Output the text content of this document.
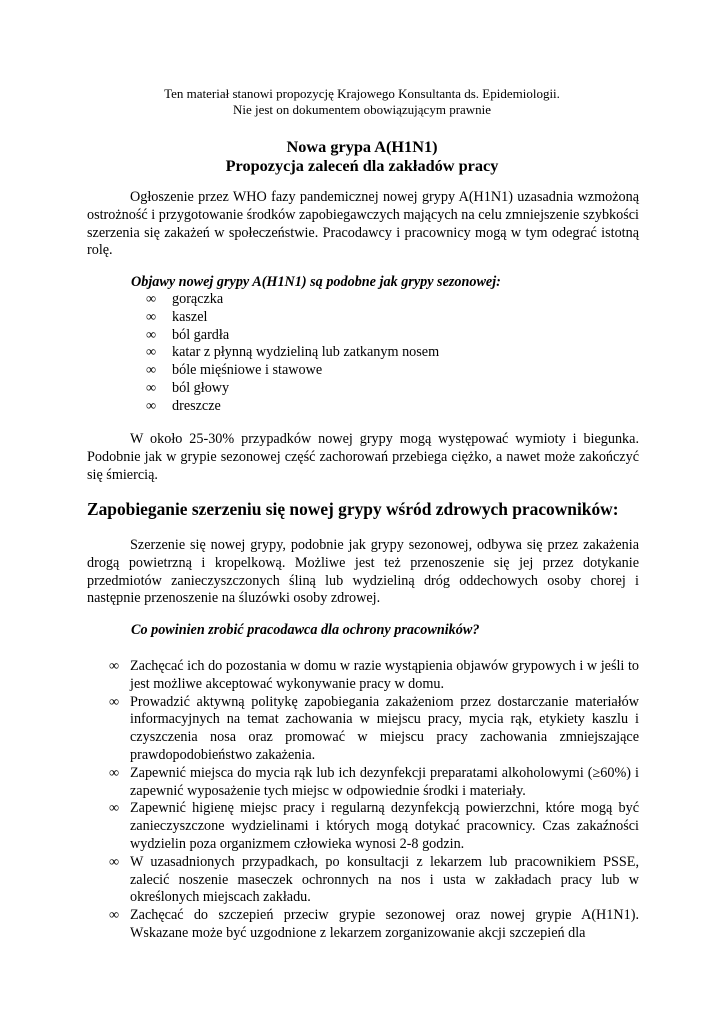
Ten materiał stanowi propozycję Krajowego Konsultanta ds. Epidemiologii.
Nie jest on dokumentem obowiązującym prawnie
Nowa grypa A(H1N1)
Propozycja zaleceń dla zakładów pracy

Ogłoszenie przez WHO fazy pandemicznej nowej grypy A(H1N1) uzasadnia wzmożoną ostrożność i przygotowanie środków zapobiegawczych mających na celu zmniejszenie szybkości szerzenia się zakażeń w społeczeństwie. Pracodawcy i pracownicy mogą w tym odegrać istotną rolę.

Objawy nowej grypy A(H1N1) są podobne jak grypy sezonowej:
∞ gorączka
∞ kaszel
∞ ból gardła
∞ katar z płynną wydzieliną lub zatkanym nosem
∞ bóle mięśniowe i stawowe
∞ ból głowy
∞ dreszcze

W około 25-30% przypadków nowej grypy mogą występować wymioty i biegunka. Podobnie jak w grypie sezonowej część zachorowań przebiega ciężko, a nawet może zakończyć się śmiercią.

Zapobieganie szerzeniu się nowej grypy wśród zdrowych pracowników:

Szerzenie się nowej grypy, podobnie jak grypy sezonowej, odbywa się przez zakażenia drogą powietrzną i kropelkową. Możliwe jest też przenoszenie się jej przez dotykanie przedmiotów zanieczyszczonych śliną lub wydzieliną dróg oddechowych osoby chorej i następnie przenoszenie na śluzówki osoby zdrowej.

Co powinien zrobić pracodawca dla ochrony pracowników?
∞ Zachęcać ich do pozostania w domu w razie wystąpienia objawów grypowych i w jeśli to jest możliwe akceptować wykonywanie pracy w domu.
∞ Prowadzić aktywną politykę zapobiegania zakażeniom przez dostarczanie materiałów informacyjnych na temat zachowania w miejscu pracy, mycia rąk, etykiety kaszlu i czyszczenia nosa oraz promować w miejscu pracy zachowania zmniejszające prawdopodobieństwo zakażenia.
∞ Zapewnić miejsca do mycia rąk lub ich dezynfekcji preparatami alkoholowymi (≥60%) i zapewnić wyposażenie tych miejsc w odpowiednie środki i materiały.
∞ Zapewnić higienę miejsc pracy i regularną dezynfekcją powierzchni, które mogą być zanieczyszczone wydzielinami i których mogą dotykać pracownicy. Czas zakaźności wydzielin poza organizmem człowieka wynosi 2-8 godzin.
∞ W uzasadnionych przypadkach, po konsultacji z lekarzem lub pracownikiem PSSE, zalecić noszenie maseczek ochronnych na nos i usta w zakładach pracy lub w określonych miejscach zakładu.
∞ Zachęcać do szczepień przeciw grypie sezonowej oraz nowej grypie A(H1N1). Wskazane może być uzgodnione z lekarzem zorganizowanie akcji szczepień dla
